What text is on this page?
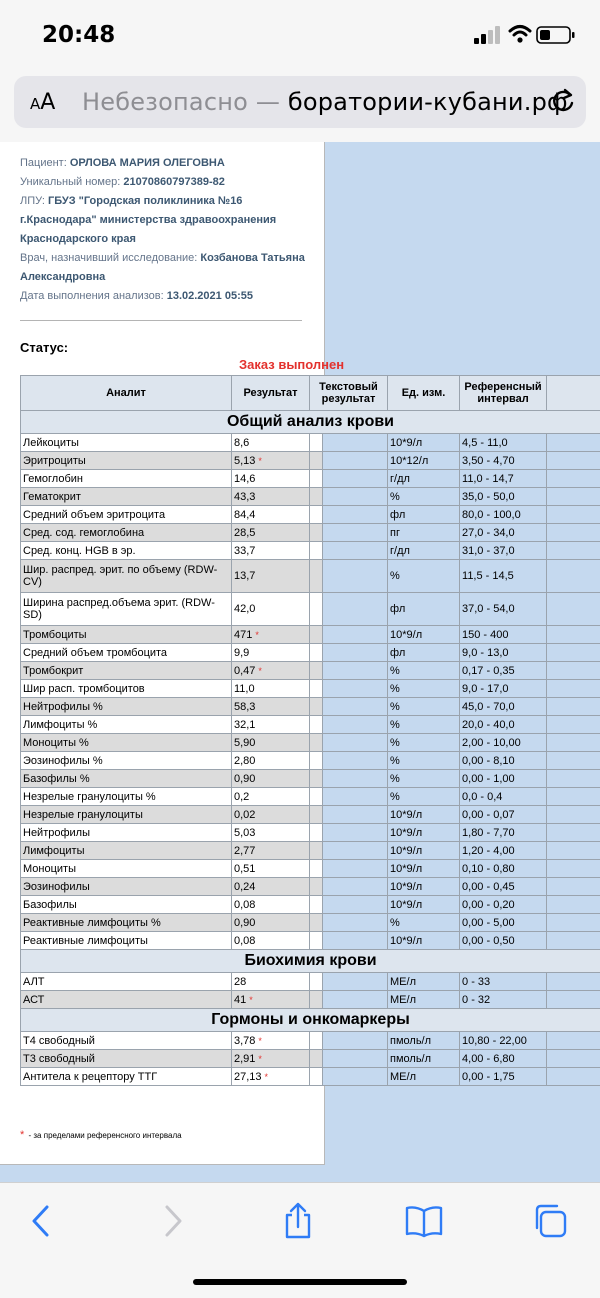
20:48
AA Небезопасно — боратории-кубани.рф
Пациент: ОРЛОВА МАРИЯ ОЛЕГОВНА
Уникальный номер: 21070860797389-82
ЛПУ: ГБУЗ "Городская поликлиника №16 г.Краснодара" министерства здравоохранения Краснодарского края
Врач, назначивший исследование: Козбанова Татьяна Александровна
Дата выполнения анализов: 13.02.2021 05:55
Статус:
Заказ выполнен
Аналит	Результат	Текстовый результат		Ед. изм.	Референсный интервал	
Общий анализ крови						
Лейкоциты	8,6			10*9/л	4,5 - 11,0	
Эритроциты	5,13 *			10*12/л	3,50 - 4,70	
Гемоглобин	14,6			г/дл	11,0 - 14,7	
Гематокрит	43,3			%	35,0 - 50,0	
Средний объем эритроцита	84,4			фл	80,0 - 100,0	
Сред. сод. гемоглобина	28,5			пг	27,0 - 34,0	
Сред. конц. HGB в эр.	33,7			г/дл	31,0 - 37,0	
Шир. распред. эрит. по объему (RDW-CV)	13,7			%	11,5 - 14,5	
Ширина распред.объема эрит. (RDW-SD)	42,0			фл	37,0 - 54,0	
Тромбоциты	471 *			10*9/л	150 - 400	
Средний объем тромбоцита	9,9			фл	9,0 - 13,0	
Тромбокрит	0,47 *			%	0,17 - 0,35	
Шир расп. тромбоцитов	11,0			%	9,0 - 17,0	
Нейтрофилы %	58,3			%	45,0 - 70,0	
Лимфоциты %	32,1			%	20,0 - 40,0	
Моноциты %	5,90			%	2,00 - 10,00	
Эозинофилы %	2,80			%	0,00 - 8,10	
Базофилы %	0,90			%	0,00 - 1,00	
Незрелые гранулоциты %	0,2			%	0,0 - 0,4	
Незрелые гранулоциты	0,02			10*9/л	0,00 - 0,07	
Нейтрофилы	5,03			10*9/л	1,80 - 7,70	
Лимфоциты	2,77			10*9/л	1,20 - 4,00	
Моноциты	0,51			10*9/л	0,10 - 0,80	
Эозинофилы	0,24			10*9/л	0,00 - 0,45	
Базофилы	0,08			10*9/л	0,00 - 0,20	
Реактивные лимфоциты %	0,90			%	0,00 - 5,00	
Реактивные лимфоциты	0,08			10*9/л	0,00 - 0,50	
Биохимия крови						
АЛТ	28			МЕ/л	0 - 33	
АСТ	41 *			МЕ/л	0 - 32	
Гормоны и онкомаркеры						
Т4 свободный	3,78 *			пмоль/л	10,80 - 22,00	
Т3 свободный	2,91 *			пмоль/л	4,00 - 6,80	
Антитела к рецептору ТТГ	27,13 *			МЕ/л	0,00 - 1,75	
* - за пределами референсного интервала
